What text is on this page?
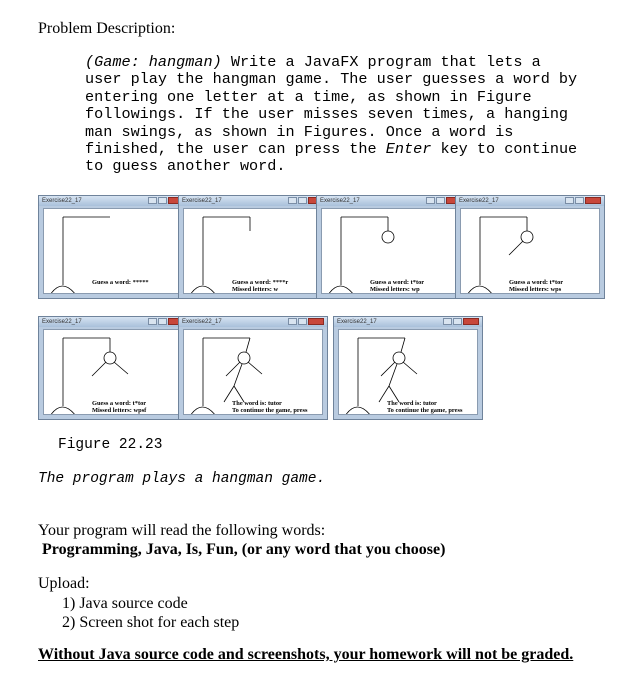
Problem Description:
(Game: hangman) Write a JavaFX program that lets a
user play the hangman game. The user guesses a word by
entering one letter at a time, as shown in Figure
followings. If the user misses seven times, a hanging
man swings, as shown in Figures. Once a word is
finished, the user can press the Enter key to continue
to guess another word.
Exercise22_17
Guess a word: *****
Exercise22_17
Guess a word: ****r
Missed letters: w
Exercise22_17
Guess a word: t*tor
Missed letters: wp
Exercise22_17
Guess a word: t*tor
Missed letters: wps
Exercise22_17
Guess a word: t*tor
Missed letters: wpsf
Exercise22_17
The word is: tutor
To continue the game, press
Exercise22_17
The word is: tutor
To continue the game, press
Figure 22.23
The program plays a hangman game.
Your program will read the following words:
Programming, Java, Is, Fun, (or any word that you choose)
Upload:
1) Java source code
2) Screen shot for each step
Without Java source code and screenshots, your homework will not be graded.
